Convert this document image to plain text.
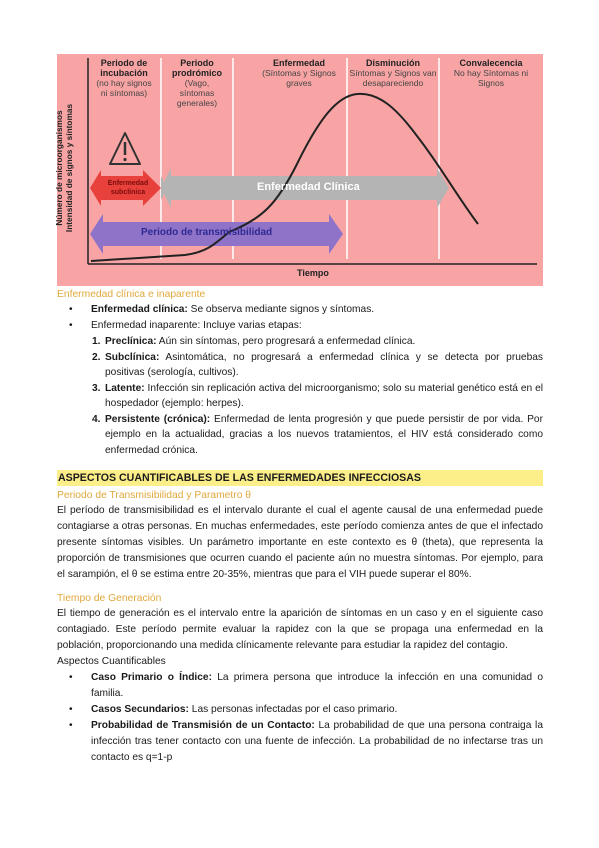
Número de microorganismos Intensidad de signos y síntomas
Periodo de incubación
(no hay signos ni síntomas)
Periodo prodrómico
(Vago, síntomas generales)
Enfermedad
(Síntomas y Signos graves
Disminución
Síntomas y Signos van desapareciendo
Convalecencia
No hay Síntomas ni Signos
Enfermedad subclínica	Enfermedad Clínica
Periodo de transmisibilidad
Tiempo
Enfermedad clínica e inaparente
• Enfermedad clínica: Se observa mediante signos y síntomas.
• Enfermedad inaparente: Incluye varias etapas:
1. Preclínica: Aún sin síntomas, pero progresará a enfermedad clínica.
2. Subclínica: Asintomática, no progresará a enfermedad clínica y se detecta por pruebas positivas (serología, cultivos).
3. Latente: Infección sin replicación activa del microorganismo; solo su material genético está en el hospedador (ejemplo: herpes).
4. Persistente (crónica): Enfermedad de lenta progresión y que puede persistir de por vida. Por ejemplo en la actualidad, gracias a los nuevos tratamientos, el HIV está considerado como enfermedad crónica.
ASPECTOS CUANTIFICABLES DE LAS ENFERMEDADES INFECCIOSAS
Periodo de Transmisibilidad y Parametro θ

El período de transmisibilidad es el intervalo durante el cual el agente causal de una enfermedad puede contagiarse a otras personas. En muchas enfermedades, este período comienza antes de que el infectado presente síntomas visibles. Un parámetro importante en este contexto es θ (theta), que representa la proporción de transmisiones que ocurren cuando el paciente aún no muestra síntomas. Por ejemplo, para el sarampión, el θ se estima entre 20-35%, mientras que para el VIH puede superar el 80%.

Tiempo de Generación

El tiempo de generación es el intervalo entre la aparición de síntomas en un caso y en el siguiente caso contagiado. Este período permite evaluar la rapidez con la que se propaga una enfermedad en la población, proporcionando una medida clínicamente relevante para estudiar la rapidez del contagio.

Aspectos Cuantificables
• Caso Primario o Índice: La primera persona que introduce la infección en una comunidad o familia.
• Casos Secundarios: Las personas infectadas por el caso primario.
• Probabilidad de Transmisión de un Contacto: La probabilidad de que una persona contraiga la infección tras tener contacto con una fuente de infección. La probabilidad de no infectarse tras un contacto es q=1-p
